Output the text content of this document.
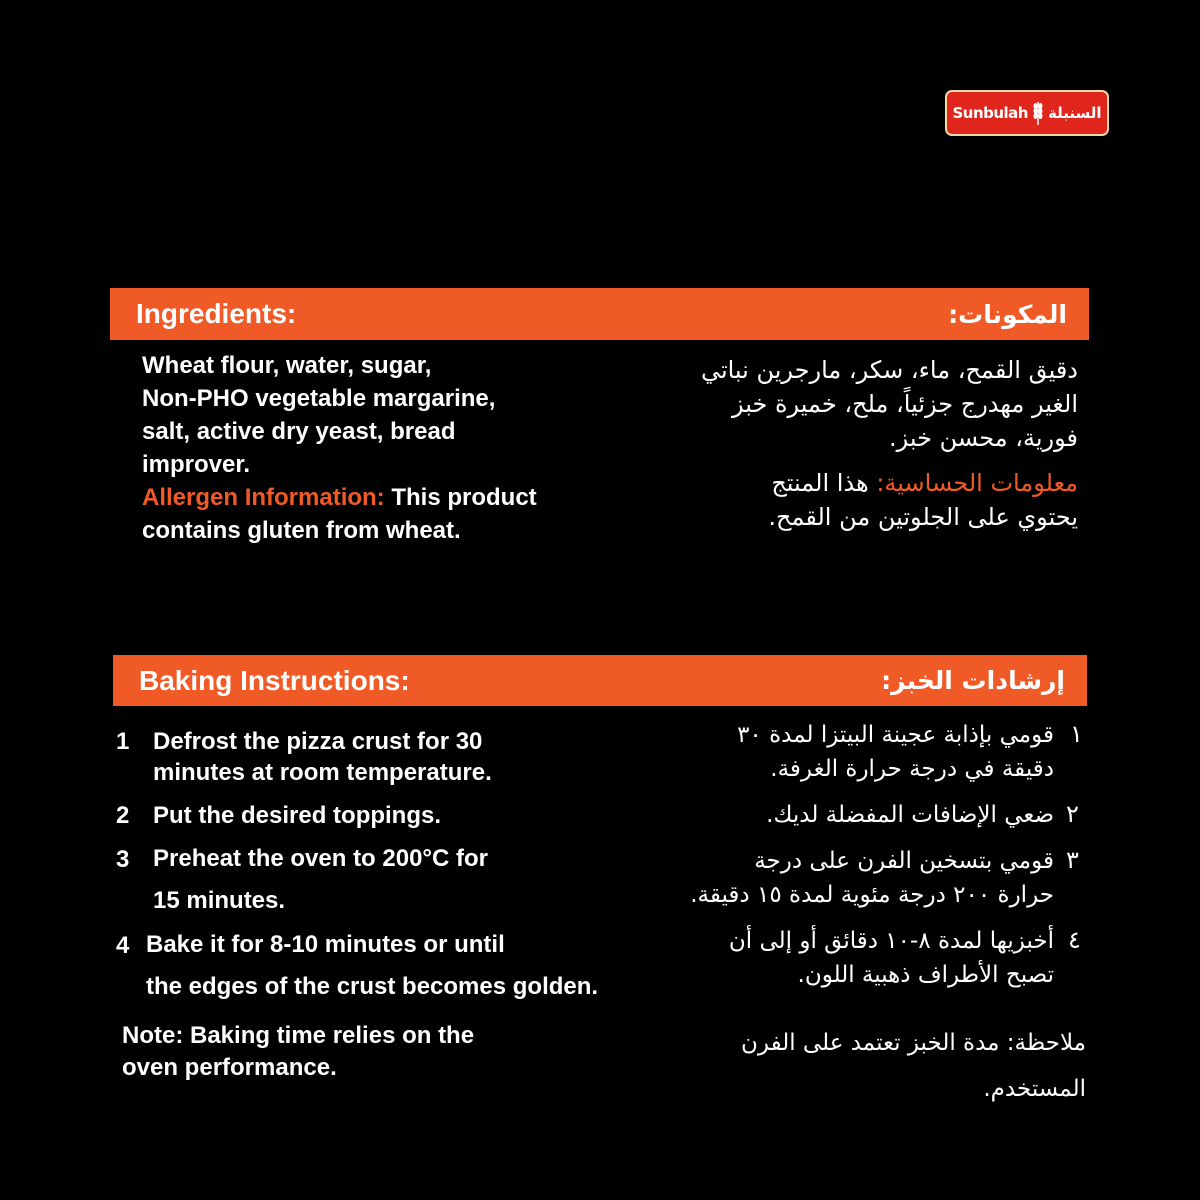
Sunbulah السنبلة
Ingredients:	المكونات:
Wheat flour, water, sugar,
Non-PHO vegetable margarine,
salt, active dry yeast, bread
improver.
Allergen Information: This product
contains gluten from wheat.
دقيق القمح، ماء، سكر، مارجرين نباتي
الغير مهدرج جزئياً، ملح، خميرة خبز
فورية، محسن خبز.
معلومات الحساسية: هذا المنتج
يحتوي على الجلوتين من القمح.
Baking Instructions:	إرشادات الخبز:
1 Defrost the pizza crust for 30
minutes at room temperature.
2 Put the desired toppings.
3 Preheat the oven to 200°C for
15 minutes.
4 Bake it for 8-10 minutes or until
the edges of the crust becomes golden.
Note: Baking time relies on the
oven performance.
١
قومي بإذابة عجينة البيتزا لمدة ٣٠
دقيقة في درجة حرارة الغرفة.
٢
ضعي الإضافات المفضلة لديك.
٣
قومي بتسخين الفرن على درجة
حرارة ٢٠٠ درجة مئوية لمدة ١٥ دقيقة.
٤
أخبزيها لمدة ٨-١٠ دقائق أو إلى أن
تصبح الأطراف ذهبية اللون.
ملاحظة: مدة الخبز تعتمد على الفرن
المستخدم.
